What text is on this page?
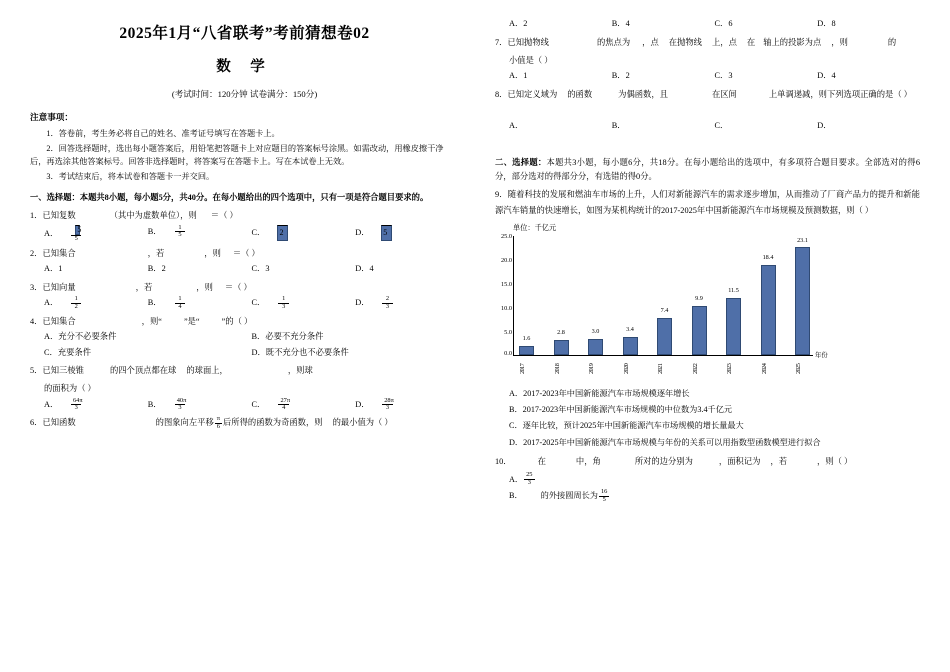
2025年1月“八省联考”考前猜想卷02
数 学
(考试时间：120分钟 试卷满分：150分)
注意事项：
1．答卷前，考生务必将自己的姓名、准考证号填写在答题卡上。
2．回答选择题时，选出每小题答案后，用铅笔把答题卡上对应题目的答案标号涂黑。如需改动，用橡皮擦干净后，再选涂其他答案标号。回答非选择题时，将答案写在答题卡上。写在本试卷上无效。
3．考试结束后，将本试卷和答题卡一并交回。
一、选择题：本题共8小题，每小题5分，共40分。在每小题给出的四个选项中，只有一项是符合题目要求的。
1．已知复数	（其中为虚数单位），则 ＝（ ）
A． $\frac{5}{5}$	B． $\frac{1}{5}$	C． 2	D． 5
2．已知集合	，若	，则 ＝（ ）
A．1	B．2	C．3	D．4
3．已知向量	，若	，则 ＝（ ）
A． $\frac{1}{2}$	B． $\frac{1}{4}$	C． $\frac{1}{3}$	D． $\frac{2}{3}$
4．已知集合	，则“	”是“	”的（ ）
A．充分不必要条件	B．必要不充分条件
C．充要条件	D．既不充分也不必要条件
5．已知三棱锥	的四个顶点都在球 的球面上，	，则球
的面积为（ ）
A． $\frac{64\pi}{3}$	B． $\frac{40\pi}{3}$	C． $\frac{27\pi}{4}$	D． $\frac{28\pi}{3}$
6．已知函数	的图象向左平移 $\frac{\pi}{6}$ 后所得的函数为奇函数，则 的最小值为（ ）
A．2	B．4	C．6	D．8
7．已知抛物线	的焦点为 ，点 在抛物线 上，点 在 轴上的投影为点 ，则	的
小值是（ ）
A．1	B．2	C．3	D．4
8．已知定义域为 的函数	为偶函数，且	在区间	上单调递减，则下列选项正确的是（ ）
A．	B．	C．	D．
二、选择题：本题共3小题，每小题6分，共18分。在每小题给出的选项中，有多项符合题目要求。全部选对的得6分，部分选对的得部分分，有选错的得0分。
9．随着科技的发展和燃油车市场的上升，人们对新能源汽车的需求逐步增加，从而推动了厂商产品力的提升和新能源汽车销量的快速增长，如图为某机构统计的2017-2025年中国新能源汽车市场规模及预测数据，则（ ）
单位：千亿元
25.0
20.0
15.0
10.0
5.0
0.0
1.6
2.8	3.0	3.4
7.4
9.9
11.5
18.4
23.1
2017	2018	2019	2020	2021	2022	2023	2024	2025
年份
A．2017-2023年中国新能源汽车市场规模逐年增长
B．2017-2023年中国新能源汽车市场规模的中位数为3.4千亿元
C．逐年比较，预计2025年中国新能源汽车市场规模的增长量最大
D．2017-2025年中国新能源汽车市场规模与年份的关系可以用指数型函数模型进行拟合
10．	在	中，角	所对的边分别为	，面积记为 ，若	，则（ ）
A． $\frac{25}{3}$
B． 的外接圆周长为 $\frac{16}{5}$
